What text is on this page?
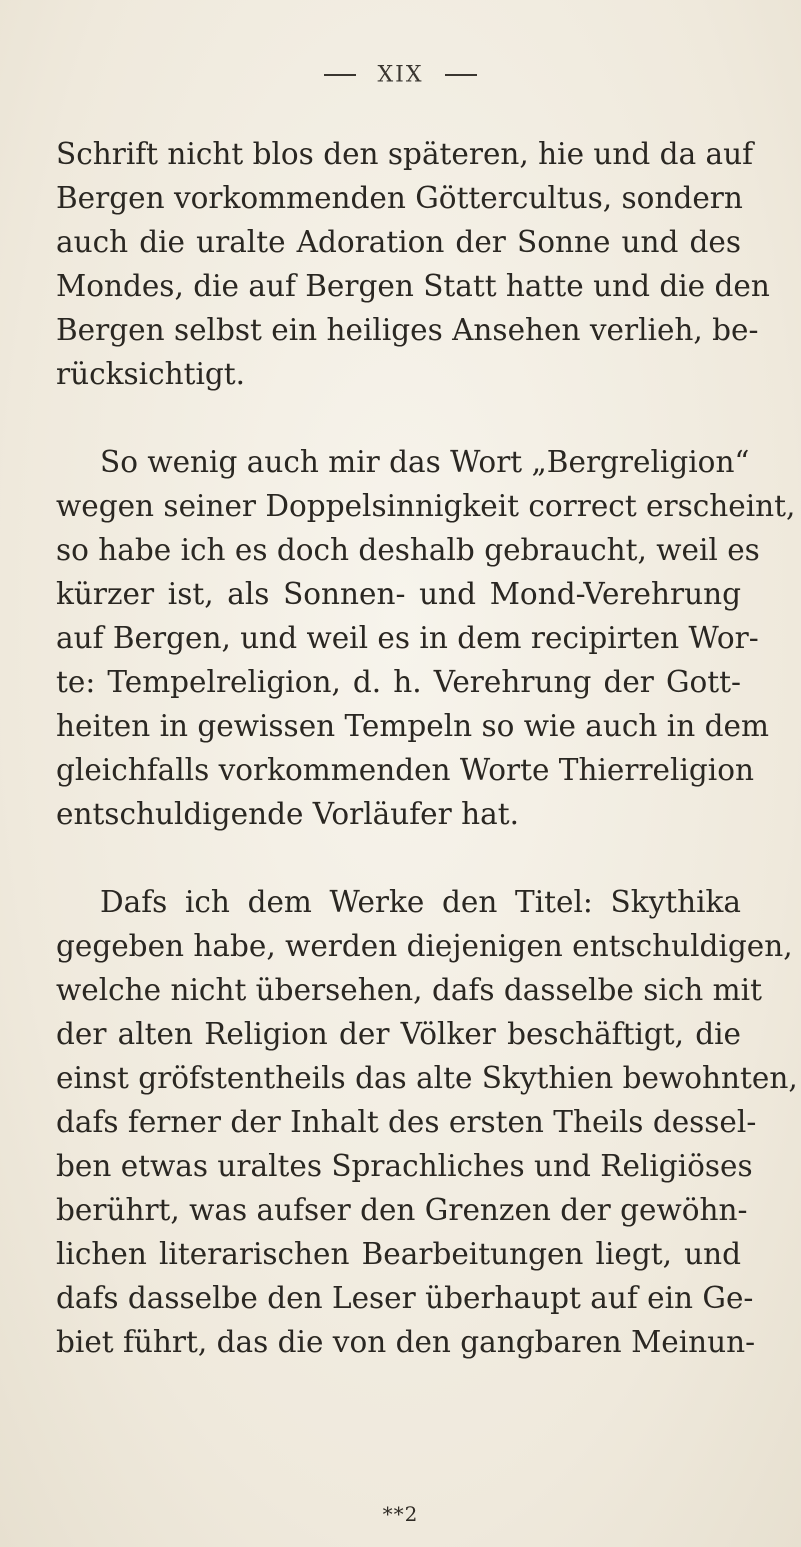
XIX
Schrift nicht blos den späteren, hie und da auf
Bergen vorkommenden Göttercultus, sondern
auch die uralte Adoration der Sonne und des
Mondes, die auf Bergen Statt hatte und die den
Bergen selbst ein heiliges Ansehen verlieh, be-
rücksichtigt.
So wenig auch mir das Wort „Bergreligion“
wegen seiner Doppelsinnigkeit correct erscheint,
so habe ich es doch deshalb gebraucht, weil es
kürzer ist, als Sonnen- und Mond-Verehrung
auf Bergen, und weil es in dem recipirten Wor-
te: Tempelreligion, d. h. Verehrung der Gott-
heiten in gewissen Tempeln so wie auch in dem
gleichfalls vorkommenden Worte Thierreligion
entschuldigende Vorläufer hat.
Dafs ich dem Werke den Titel: Skythika
gegeben habe, werden diejenigen entschuldigen,
welche nicht übersehen, dafs dasselbe sich mit
der alten Religion der Völker beschäftigt, die
einst gröfstentheils das alte Skythien bewohnten,
dafs ferner der Inhalt des ersten Theils dessel-
ben etwas uraltes Sprachliches und Religiöses
berührt, was aufser den Grenzen der gewöhn-
lichen literarischen Bearbeitungen liegt, und
dafs dasselbe den Leser überhaupt auf ein Ge-
biet führt, das die von den gangbaren Meinun-
**2
